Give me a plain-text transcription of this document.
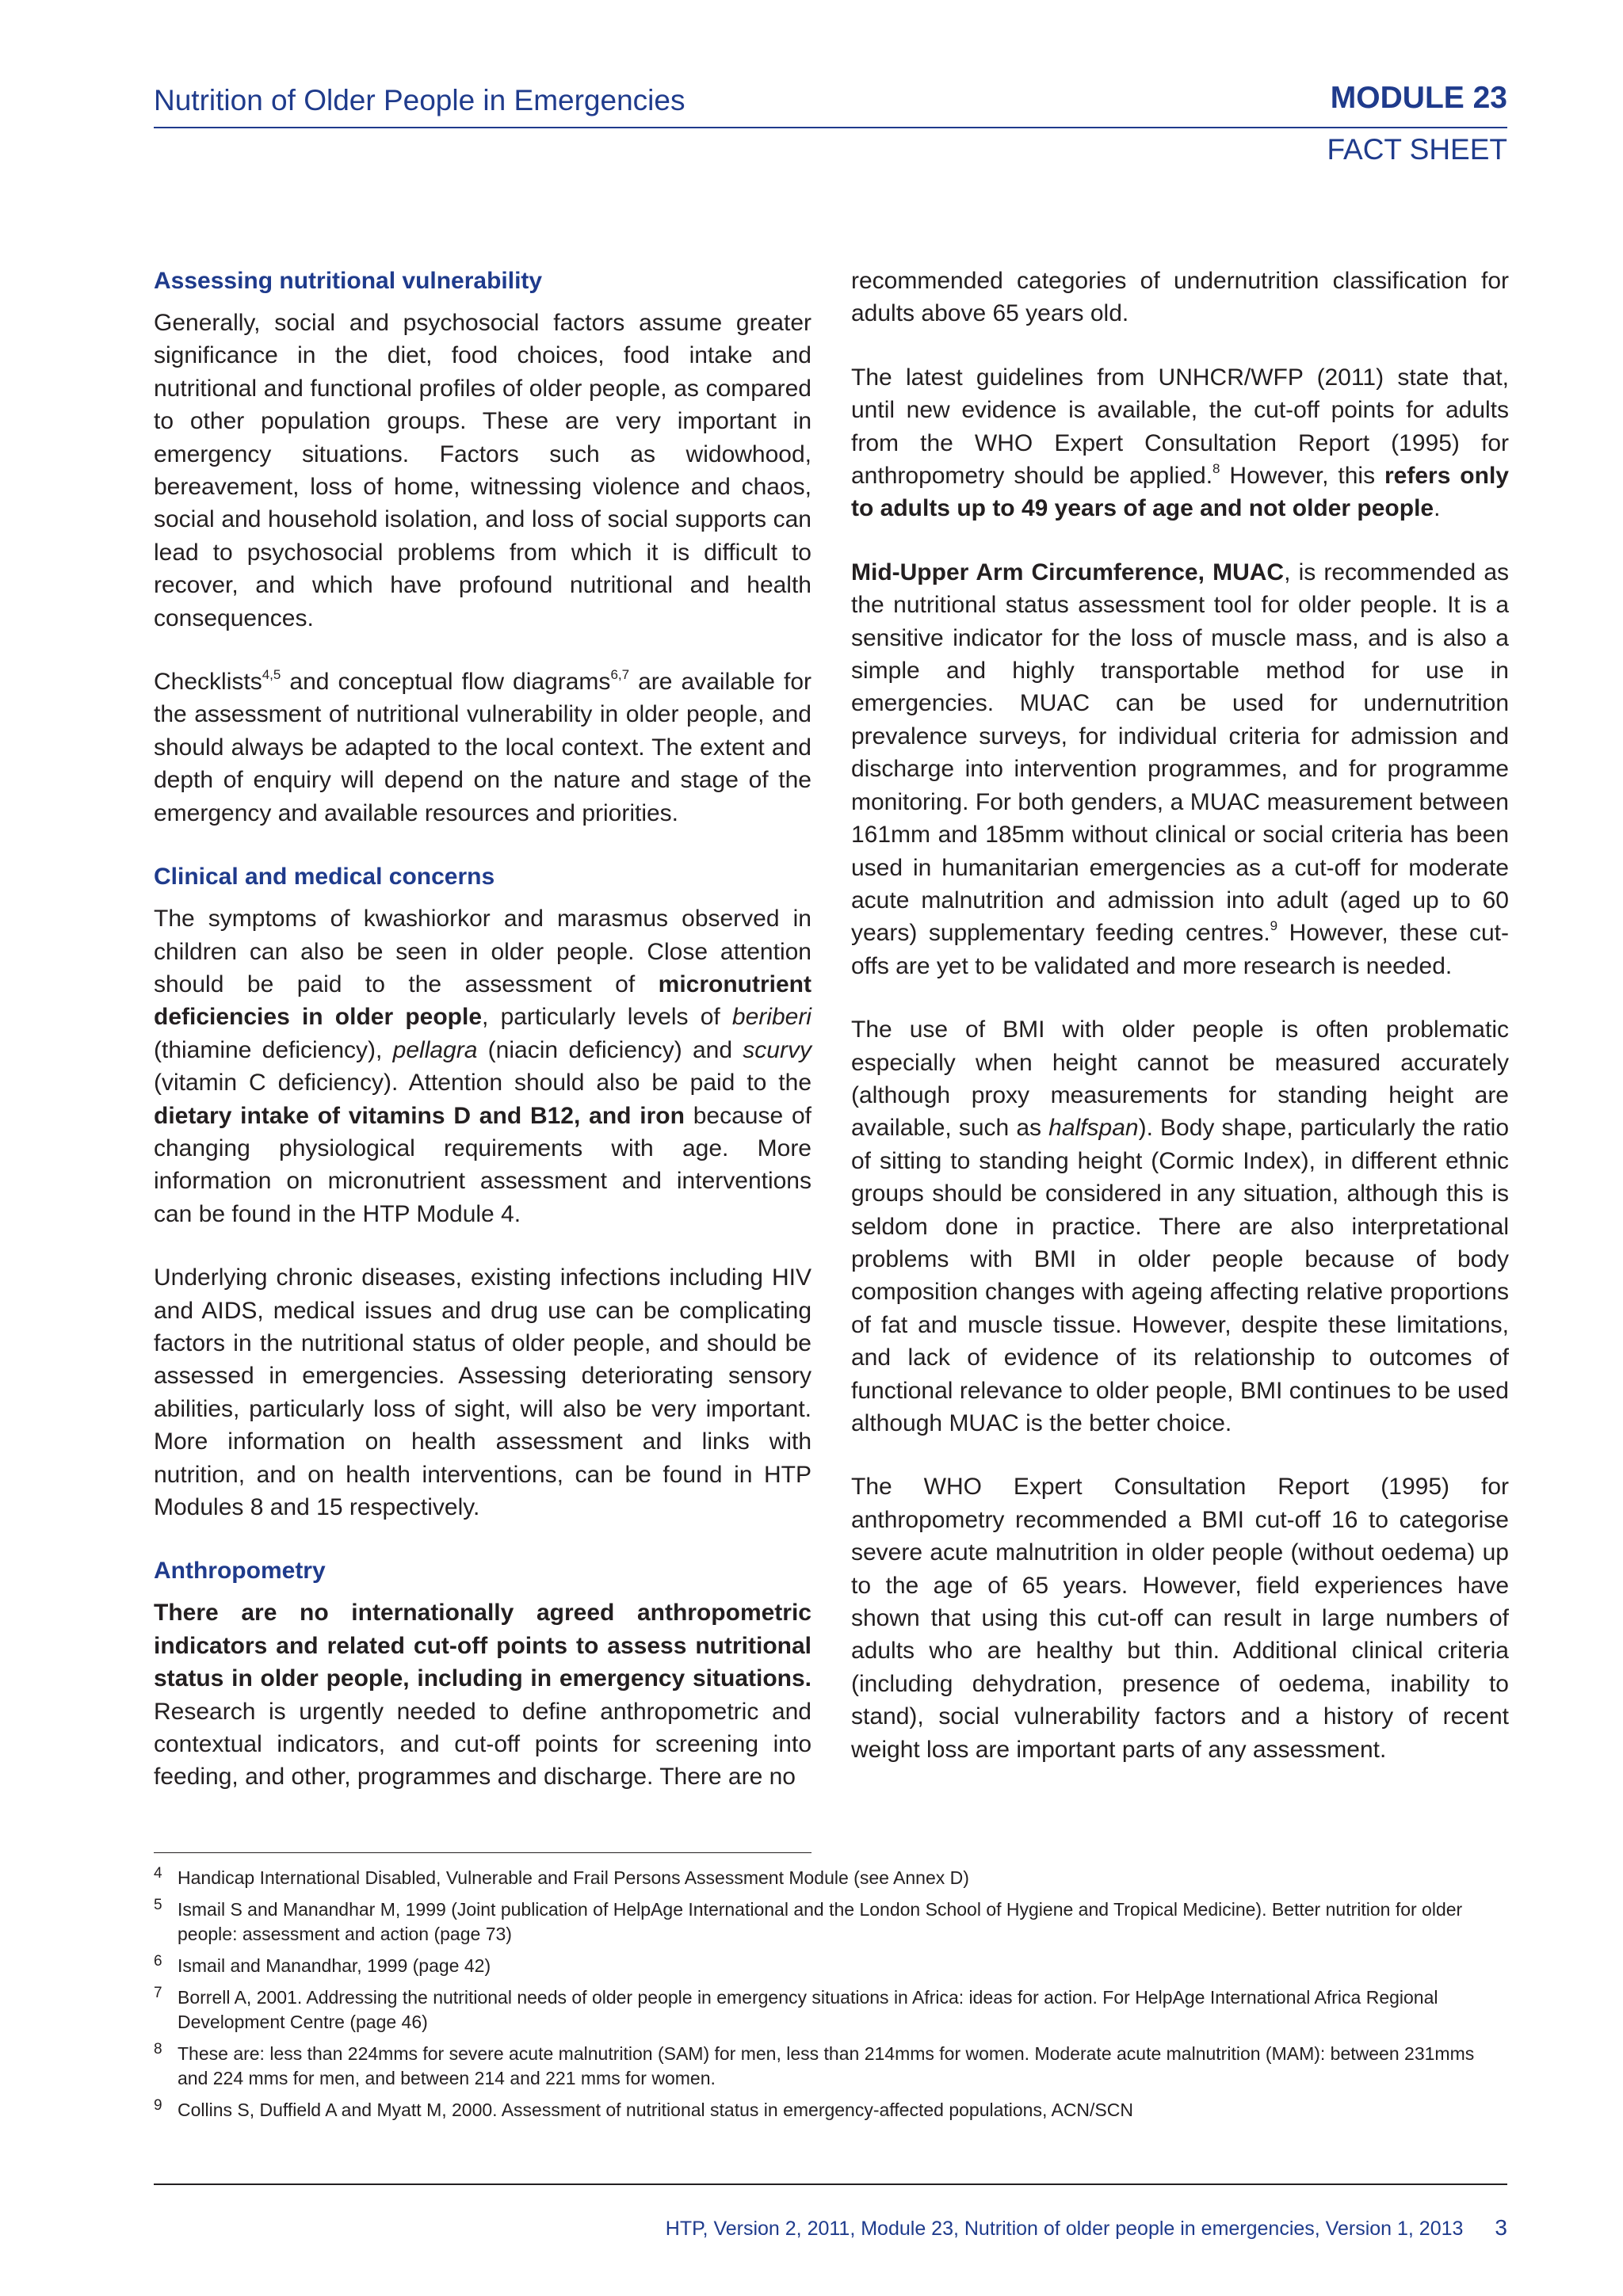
Nutrition of Older People in Emergencies	MODULE 23
FACT SHEET
Assessing nutritional vulnerability

Generally, social and psychosocial factors assume greater significance in the diet, food choices, food intake and nutritional and functional profiles of older people, as compared to other population groups. These are very important in emergency situations. Factors such as widowhood, bereavement, loss of home, witnessing violence and chaos, social and household isolation, and loss of social supports can lead to psychosocial problems from which it is difficult to recover, and which have profound nutritional and health consequences.

Checklists$^{4,5}$ and conceptual flow diagrams$^{6,7}$ are available for the assessment of nutritional vulnerability in older people, and should always be adapted to the local context. The extent and depth of enquiry will depend on the nature and stage of the emergency and available resources and priorities.

Clinical and medical concerns

The symptoms of kwashiorkor and marasmus observed in children can also be seen in older people. Close attention should be paid to the assessment of micronutrient deficiencies in older people, particularly levels of beriberi (thiamine deficiency), pellagra (niacin deficiency) and scurvy (vitamin C deficiency). Attention should also be paid to the dietary intake of vitamins D and B12, and iron because of changing physiological requirements with age. More information on micronutrient assessment and interventions can be found in the HTP Module 4.

Underlying chronic diseases, existing infections including HIV and AIDS, medical issues and drug use can be complicating factors in the nutritional status of older people, and should be assessed in emergencies. Assessing deteriorating sensory abilities, particularly loss of sight, will also be very important. More information on health assessment and links with nutrition, and on health interventions, can be found in HTP Modules 8 and 15 respectively.

Anthropometry

There are no internationally agreed anthropometric indicators and related cut-off points to assess nutritional status in older people, including in emergency situations. Research is urgently needed to define anthropometric and contextual indicators, and cut-off points for screening into feeding, and other, programmes and discharge. There are no

recommended categories of undernutrition classification for adults above 65 years old.

The latest guidelines from UNHCR/WFP (2011) state that, until new evidence is available, the cut-off points for adults from the WHO Expert Consultation Report (1995) for anthropometry should be applied.$^8$ However, this refers only to adults up to 49 years of age and not older people.

Mid-Upper Arm Circumference, MUAC, is recommended as the nutritional status assessment tool for older people. It is a sensitive indicator for the loss of muscle mass, and is also a simple and highly transportable method for use in emergencies. MUAC can be used for undernutrition prevalence surveys, for individual criteria for admission and discharge into intervention programmes, and for programme monitoring. For both genders, a MUAC measurement between 161mm and 185mm without clinical or social criteria has been used in humanitarian emergencies as a cut-off for moderate acute malnutrition and admission into adult (aged up to 60 years) supplementary feeding centres.$^9$ However, these cut-offs are yet to be validated and more research is needed.

The use of BMI with older people is often problematic especially when height cannot be measured accurately (although proxy measurements for standing height are available, such as halfspan). Body shape, particularly the ratio of sitting to standing height (Cormic Index), in different ethnic groups should be considered in any situation, although this is seldom done in practice. There are also interpretational problems with BMI in older people because of body composition changes with ageing affecting relative proportions of fat and muscle tissue. However, despite these limitations, and lack of evidence of its relationship to outcomes of functional relevance to older people, BMI continues to be used although MUAC is the better choice.

The WHO Expert Consultation Report (1995) for anthropometry recommended a BMI cut-off 16 to categorise severe acute malnutrition in older people (without oedema) up to the age of 65 years. However, field experiences have shown that using this cut-off can result in large numbers of adults who are healthy but thin. Additional clinical criteria (including dehydration, presence of oedema, inability to stand), social vulnerability factors and a history of recent weight loss are important parts of any assessment.

4 Handicap International Disabled, Vulnerable and Frail Persons Assessment Module (see Annex D)
5 Ismail S and Manandhar M, 1999 (Joint publication of HelpAge International and the London School of Hygiene and Tropical Medicine). Better nutrition for older people: assessment and action (page 73)
6 Ismail and Manandhar, 1999 (page 42)
7 Borrell A, 2001. Addressing the nutritional needs of older people in emergency situations in Africa: ideas for action. For HelpAge International Africa Regional Development Centre (page 46)
8 These are: less than 224mms for severe acute malnutrition (SAM) for men, less than 214mms for women. Moderate acute malnutrition (MAM): between 231mms and 224 mms for men, and between 214 and 221 mms for women.
9 Collins S, Duffield A and Myatt M, 2000. Assessment of nutritional status in emergency-affected populations, ACN/SCN
HTP, Version 2, 2011, Module 23, Nutrition of older people in emergencies, Version 1, 2013 3
